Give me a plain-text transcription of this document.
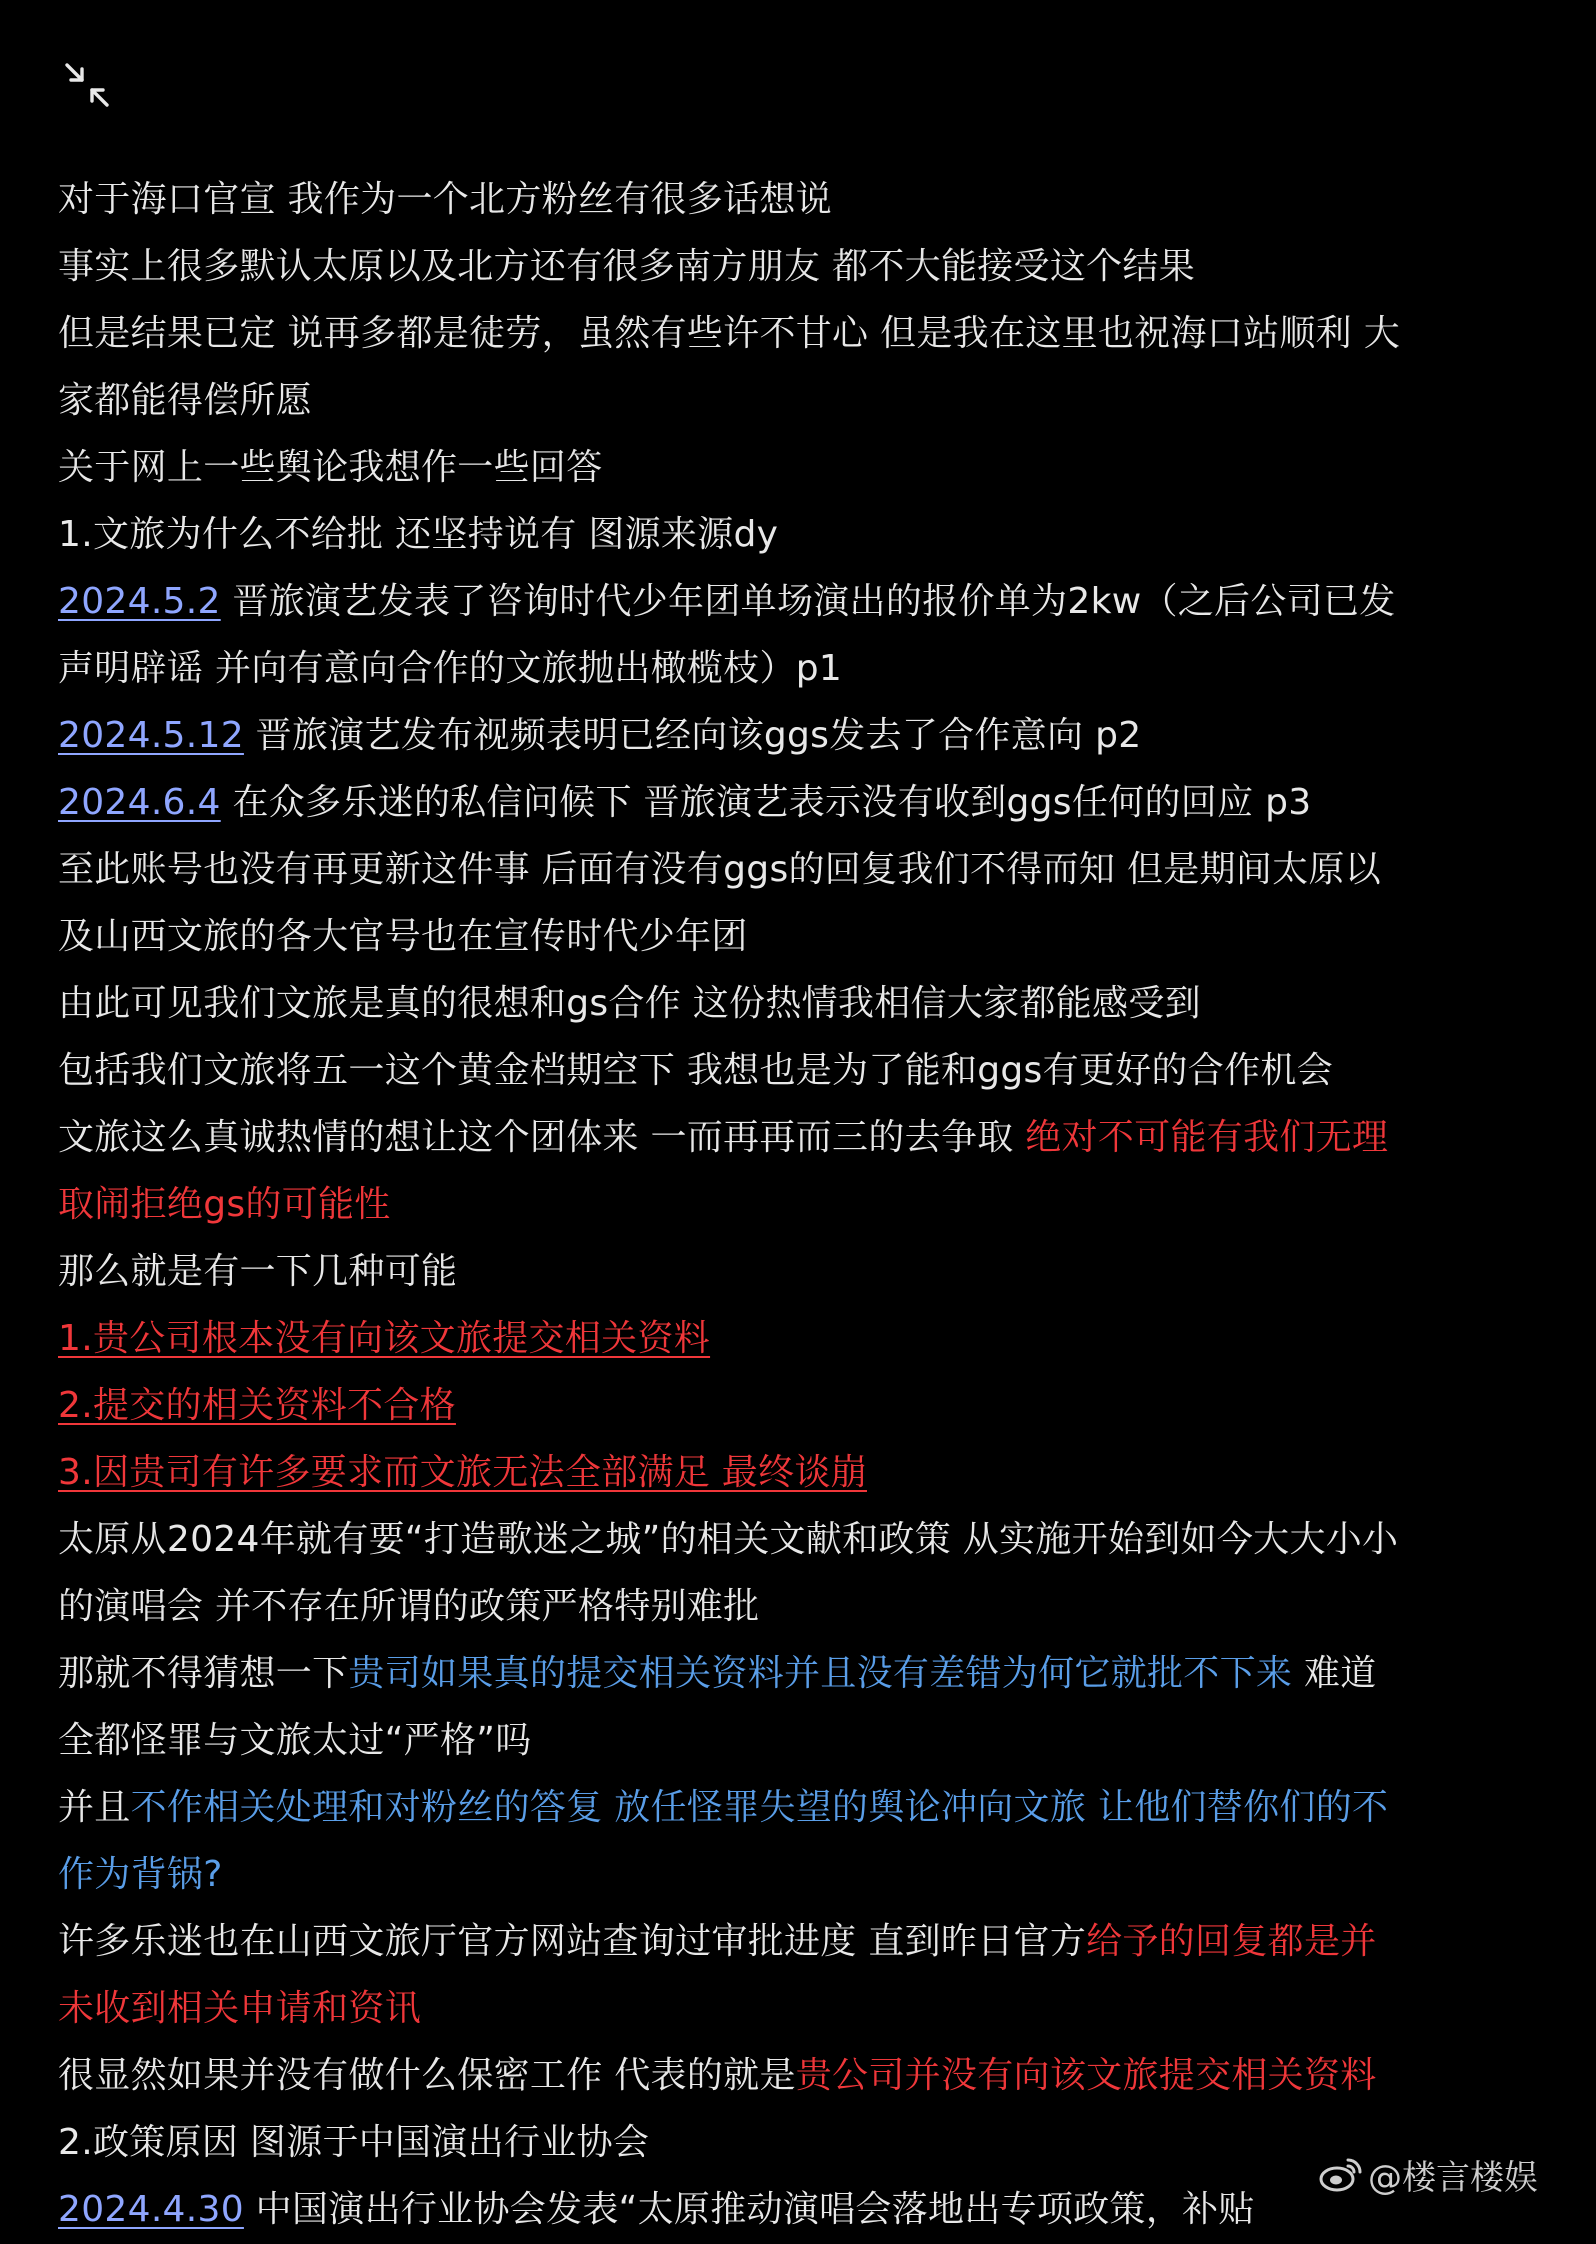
对于海口官宣 我作为一个北方粉丝有很多话想说
事实上很多默认太原以及北方还有很多南方朋友 都不大能接受这个结果
但是结果已定 说再多都是徒劳，虽然有些许不甘心 但是我在这里也祝海口站顺利 大
家都能得偿所愿
关于网上一些舆论我想作一些回答
1.文旅为什么不给批 还坚持说有 图源来源dy
2024.5.2 晋旅演艺发表了咨询时代少年团单场演出的报价单为2kw（之后公司已发
声明辟谣 并向有意向合作的文旅抛出橄榄枝）p1
2024.5.12 晋旅演艺发布视频表明已经向该ggs发去了合作意向 p2
2024.6.4 在众多乐迷的私信问候下 晋旅演艺表示没有收到ggs任何的回应 p3
至此账号也没有再更新这件事 后面有没有ggs的回复我们不得而知 但是期间太原以
及山西文旅的各大官号也在宣传时代少年团
由此可见我们文旅是真的很想和gs合作 这份热情我相信大家都能感受到
包括我们文旅将五一这个黄金档期空下 我想也是为了能和ggs有更好的合作机会
文旅这么真诚热情的想让这个团体来 一而再再而三的去争取 绝对不可能有我们无理
取闹拒绝gs的可能性
那么就是有一下几种可能
1.贵公司根本没有向该文旅提交相关资料
2.提交的相关资料不合格
3.因贵司有许多要求而文旅无法全部满足 最终谈崩
太原从2024年就有要“打造歌迷之城”的相关文献和政策 从实施开始到如今大大小小
的演唱会 并不存在所谓的政策严格特别难批
那就不得猜想一下贵司如果真的提交相关资料并且没有差错为何它就批不下来 难道
全都怪罪与文旅太过“严格”吗
并且不作相关处理和对粉丝的答复 放任怪罪失望的舆论冲向文旅 让他们替你们的不
作为背锅?
许多乐迷也在山西文旅厅官方网站查询过审批进度 直到昨日官方给予的回复都是并
未收到相关申请和资讯
很显然如果并没有做什么保密工作 代表的就是贵公司并没有向该文旅提交相关资料
2.政策原因 图源于中国演出行业协会
2024.4.30 中国演出行业协会发表“太原推动演唱会落地出专项政策，补贴
@楼言楼娱
